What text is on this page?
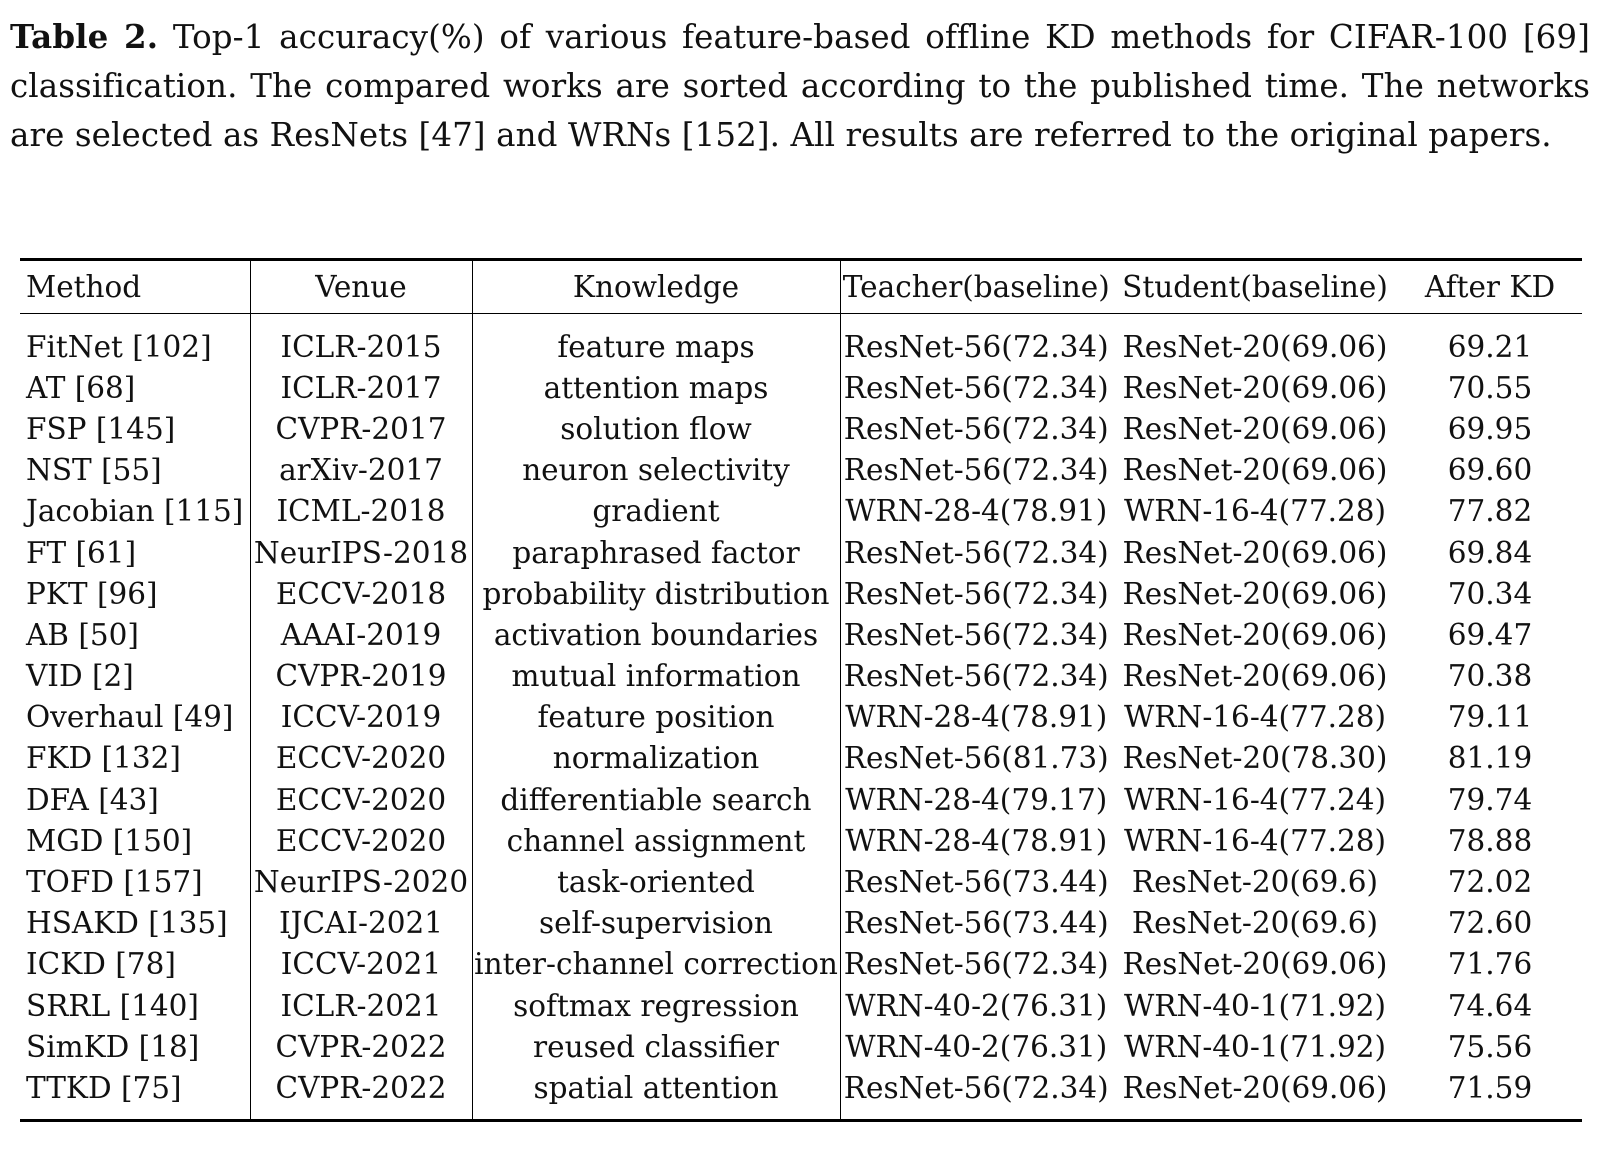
Table 2. Top-1 accuracy(%) of various feature-based offline KD methods for CIFAR-100 [69] classification. The compared works are sorted according to the published time. The networks are selected as ResNets [47] and WRNs [152]. All results are referred to the original papers.
Method	Venue	Knowledge	Teacher(baseline)	Student(baseline)	After KD
FitNet [102]	ICLR-2015	feature maps	ResNet-56(72.34)	ResNet-20(69.06)	69.21
AT [68]	ICLR-2017	attention maps	ResNet-56(72.34)	ResNet-20(69.06)	70.55
FSP [145]	CVPR-2017	solution flow	ResNet-56(72.34)	ResNet-20(69.06)	69.95
NST [55]	arXiv-2017	neuron selectivity	ResNet-56(72.34)	ResNet-20(69.06)	69.60
Jacobian [115]	ICML-2018	gradient	WRN-28-4(78.91)	WRN-16-4(77.28)	77.82
FT [61]	NeurIPS-2018	paraphrased factor	ResNet-56(72.34)	ResNet-20(69.06)	69.84
PKT [96]	ECCV-2018	probability distribution	ResNet-56(72.34)	ResNet-20(69.06)	70.34
AB [50]	AAAI-2019	activation boundaries	ResNet-56(72.34)	ResNet-20(69.06)	69.47
VID [2]	CVPR-2019	mutual information	ResNet-56(72.34)	ResNet-20(69.06)	70.38
Overhaul [49]	ICCV-2019	feature position	WRN-28-4(78.91)	WRN-16-4(77.28)	79.11
FKD [132]	ECCV-2020	normalization	ResNet-56(81.73)	ResNet-20(78.30)	81.19
DFA [43]	ECCV-2020	differentiable search	WRN-28-4(79.17)	WRN-16-4(77.24)	79.74
MGD [150]	ECCV-2020	channel assignment	WRN-28-4(78.91)	WRN-16-4(77.28)	78.88
TOFD [157]	NeurIPS-2020	task-oriented	ResNet-56(73.44)	ResNet-20(69.6)	72.02
HSAKD [135]	IJCAI-2021	self-supervision	ResNet-56(73.44)	ResNet-20(69.6)	72.60
ICKD [78]	ICCV-2021	inter-channel correction	ResNet-56(72.34)	ResNet-20(69.06)	71.76
SRRL [140]	ICLR-2021	softmax regression	WRN-40-2(76.31)	WRN-40-1(71.92)	74.64
SimKD [18]	CVPR-2022	reused classifier	WRN-40-2(76.31)	WRN-40-1(71.92)	75.56
TTKD [75]	CVPR-2022	spatial attention	ResNet-56(72.34)	ResNet-20(69.06)	71.59
